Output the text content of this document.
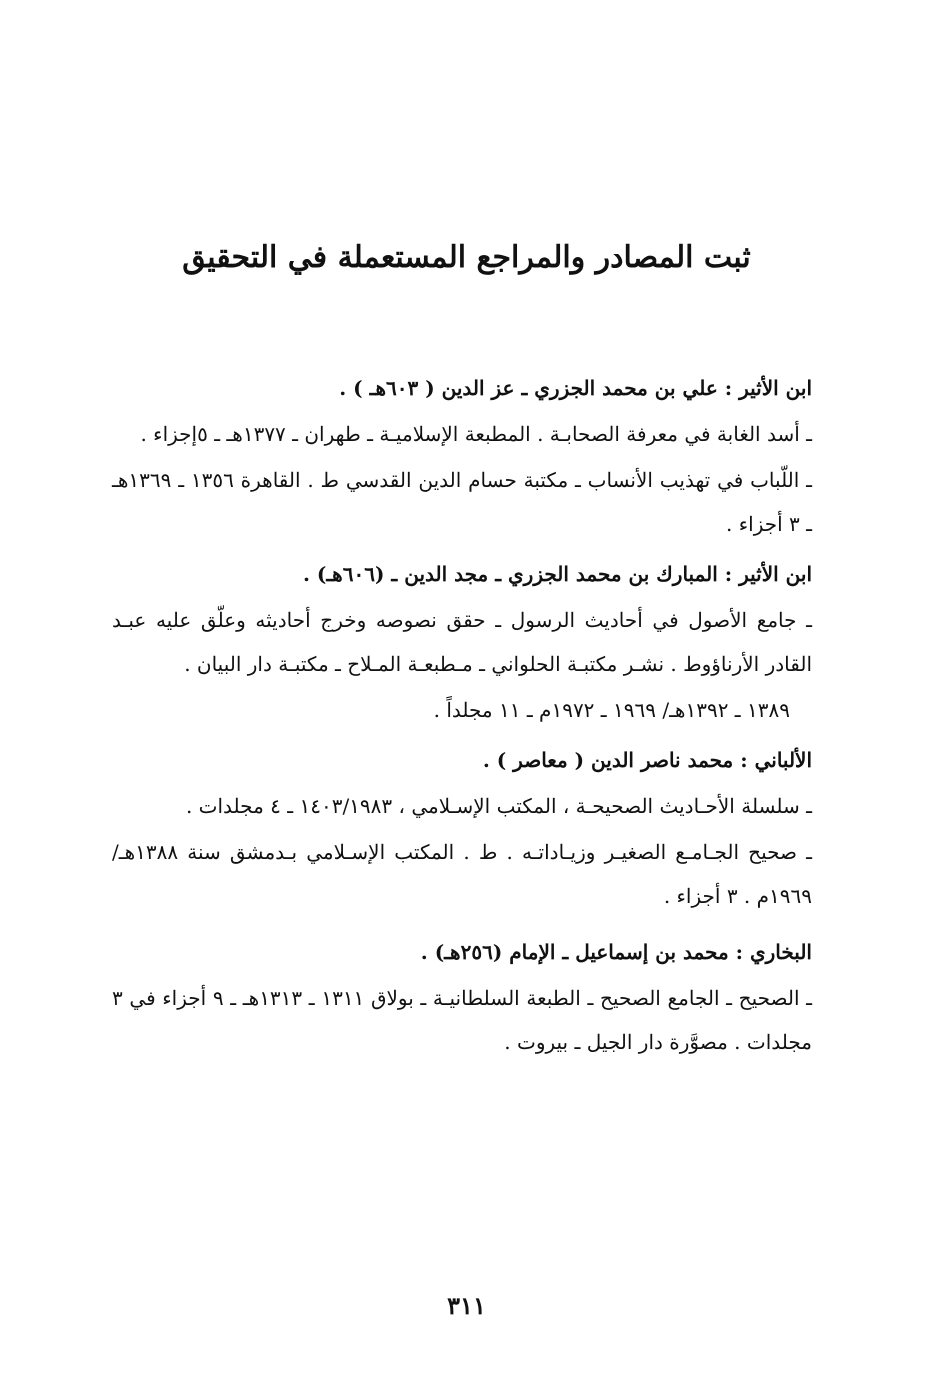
ثبت المصادر والمراجع المستعملة في التحقيق
ابن الأثير : علي بن محمد الجزري ـ عز الدين ( ٦٠٣هـ ) .
ـ أسد الغابة في معرفة الصحابـة . المطبعة الإسلاميـة ـ طهران ـ ١٣٧٧هـ ـ ٥إجزاء .
ـ اللّباب في تهذيب الأنساب ـ مكتبة حسام الدين القدسي ط . القاهرة ١٣٥٦ ـ ١٣٦٩هـ ـ ٣ أجزاء .
ابن الأثير : المبارك بن محمد الجزري ـ مجد الدين ـ (٦٠٦هـ) .
ـ جامع الأصول في أحاديث الرسول ـ حقق نصوصه وخرج أحاديثه وعلّق عليه عبـد القادر الأرناؤوط . نشـر مكتبـة الحلواني ـ مـطبعـة المـلاح ـ مكتبـة دار البيان .
١٣٨٩ ـ ١٣٩٢هـ/ ١٩٦٩ ـ ١٩٧٢م ـ ١١ مجلداً .
الألباني : محمد ناصر الدين ( معاصر ) .
ـ سلسلة الأحـاديث الصحيحـة ، المكتب الإسـلامي ، ١٤٠٣/١٩٨٣ ـ ٤ مجلدات .
ـ صحيح الجـامـع الصغيـر وزيـاداتـه . ط . المكتب الإسـلامي بـدمشق سنة ١٣٨٨هـ/١٩٦٩م . ٣ أجزاء .
البخاري : محمد بن إسماعيل ـ الإمام (٢٥٦هـ) .
ـ الصحيح ـ الجامع الصحيح ـ الطبعة السلطانيـة ـ بولاق ١٣١١ ـ ١٣١٣هـ ـ ٩ أجزاء في ٣ مجلدات . مصوَّرة دار الجيل ـ بيروت .
٣١١
